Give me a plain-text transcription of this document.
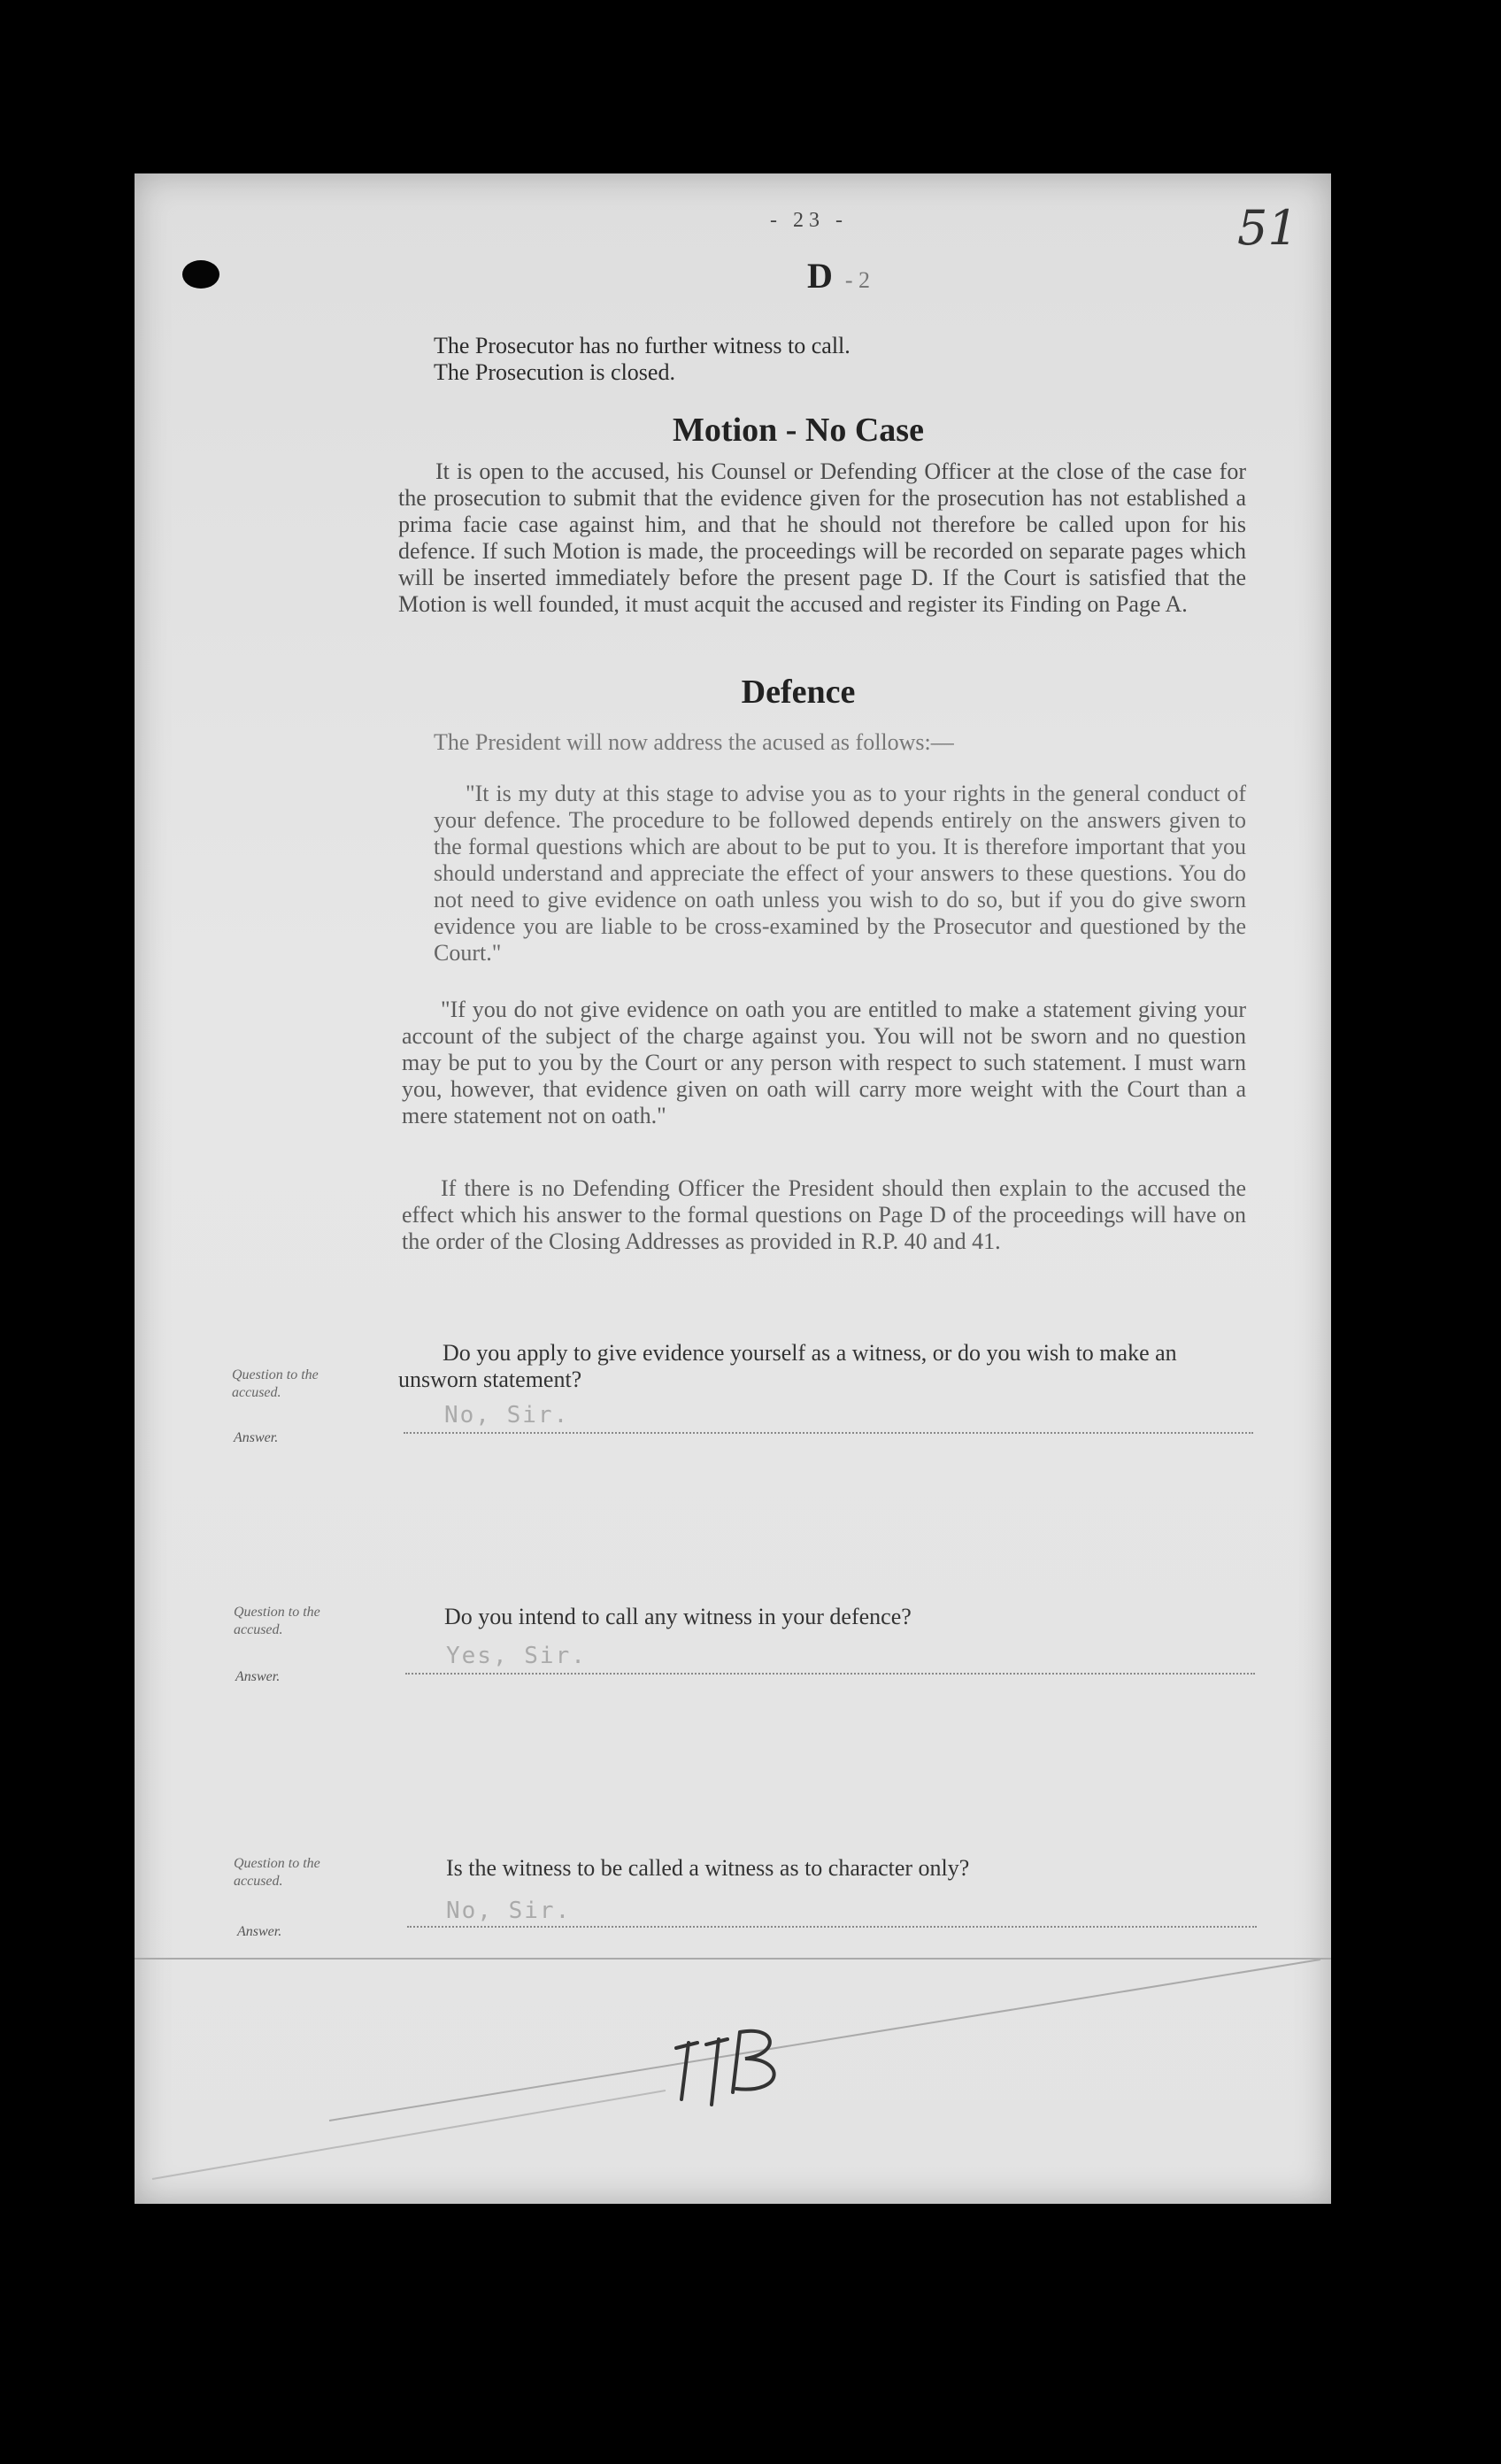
- 23 -	51
D - 2
The Prosecutor has no further witness to call.
The Prosecution is closed.
Motion - No Case
It is open to the accused, his Counsel or Defending Officer at the close of the case for the prosecution to submit that the evidence given for the prosecution has not established a prima facie case against him, and that he should not therefore be called upon for his defence. If such Motion is made, the proceedings will be recorded on separate pages which will be inserted immediately before the present page D. If the Court is satisfied that the Motion is well founded, it must acquit the accused and register its Finding on Page A.
Defence
The President will now address the acused as follows:—
"It is my duty at this stage to advise you as to your rights in the general conduct of your defence. The procedure to be followed depends entirely on the answers given to the formal questions which are about to be put to you. It is therefore important that you should understand and appreciate the effect of your answers to these questions. You do not need to give evidence on oath unless you wish to do so, but if you do give sworn evidence you are liable to be cross-examined by the Prosecutor and questioned by the Court."
"If you do not give evidence on oath you are entitled to make a statement giving your account of the subject of the charge against you. You will not be sworn and no question may be put to you by the Court or any person with respect to such statement. I must warn you, however, that evidence given on oath will carry more weight with the Court than a mere statement not on oath."
If there is no Defending Officer the President should then explain to the accused the effect which his answer to the formal questions on Page D of the proceedings will have on the order of the Closing Addresses as provided in R.P. 40 and 41.
Question to the accused.
Answer.
Do you apply to give evidence yourself as a witness, or do you wish to make an unsworn statement?
No, Sir.
Question to the accused.
Answer.
Do you intend to call any witness in your defence?
Yes, Sir.
Question to the accused.
Answer.
Is the witness to be called a witness as to character only?
No, Sir.
